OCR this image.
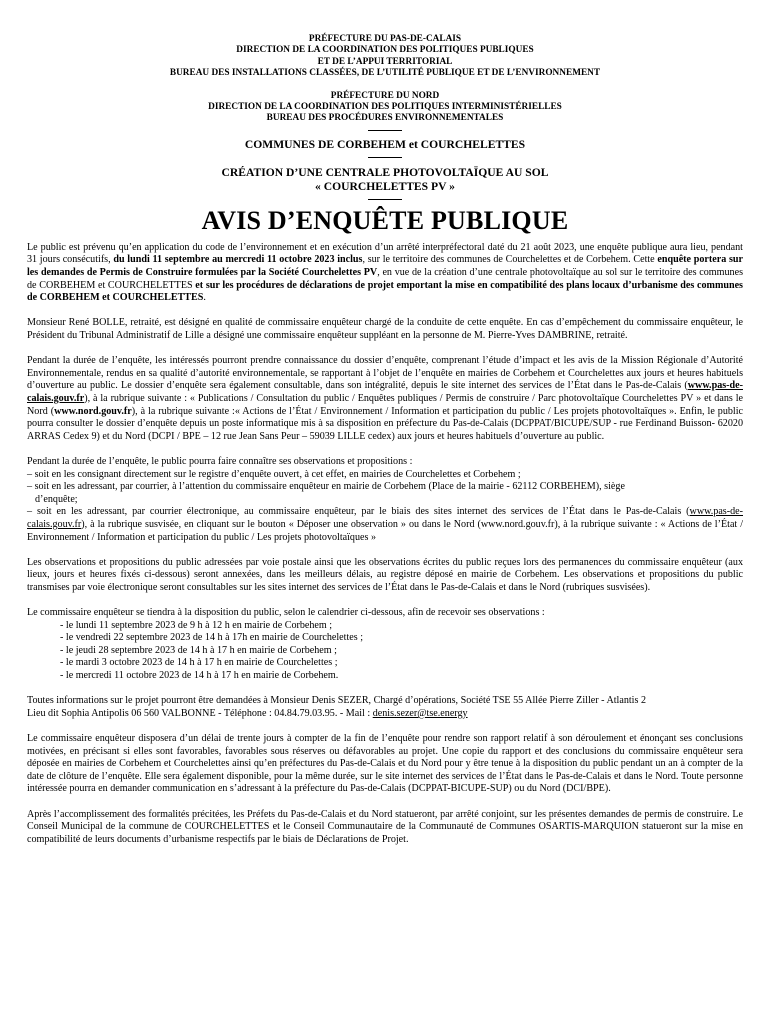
PRÉFECTURE DU PAS-DE-CALAIS

DIRECTION DE LA COORDINATION DES POLITIQUES PUBLIQUES

ET DE L’APPUI TERRITORIAL

BUREAU DES INSTALLATIONS CLASSÉES, DE L’UTILITÉ PUBLIQUE ET DE L’ENVIRONNEMENT

PRÉFECTURE DU NORD

DIRECTION DE LA COORDINATION DES POLITIQUES INTERMINISTÉRIELLES

BUREAU DES PROCÉDURES ENVIRONNEMENTALES

COMMUNES DE CORBEHEM et COURCHELETTES

CRÉATION D’UNE CENTRALE PHOTOVOLTAÏQUE AU SOL

« COURCHELETTES PV »

AVIS D’ENQUÊTE PUBLIQUE

Le public est prévenu qu’en application du code de l’environnement et en exécution d’un arrêté interpréfectoral daté du 21 août 2023, une enquête publique aura lieu, pendant 31 jours consécutifs, du lundi 11 septembre au mercredi 11 octobre 2023 inclus, sur le territoire des communes de Courchelettes et de Corbehem. Cette enquête portera sur les demandes de Permis de Construire formulées par la Société Courchelettes PV, en vue de la création d’une centrale photovoltaïque au sol sur le territoire des communes de CORBEHEM et COURCHELETTES et sur les procédures de déclarations de projet emportant la mise en compatibilité des plans locaux d’urbanisme des communes de CORBEHEM et COURCHELETTES.

Monsieur René BOLLE, retraité, est désigné en qualité de commissaire enquêteur chargé de la conduite de cette enquête. En cas d’empêchement du commissaire enquêteur, le Président du Tribunal Administratif de Lille a désigné une commissaire enquêteur suppléant en la personne de M. Pierre-Yves DAMBRINE, retraité.

Pendant la durée de l’enquête, les intéressés pourront prendre connaissance du dossier d’enquête, comprenant l’étude d’impact et les avis de la Mission Régionale d’Autorité Environnementale, rendus en sa qualité d’autorité environnementale, se rapportant à l’objet de l’enquête en mairies de Corbehem et Courchelettes aux jours et heures habituels d’ouverture au public. Le dossier d’enquête sera également consultable, dans son intégralité, depuis le site internet des services de l’État dans le Pas-de-Calais (www.pas-de-calais.gouv.fr), à la rubrique suivante : « Publications / Consultation du public / Enquêtes publiques / Permis de construire / Parc photovoltaïque Courchelettes PV » et dans le Nord (www.nord.gouv.fr), à la rubrique suivante :« Actions de l’État / Environnement / Information et participation du public / Les projets photovoltaïques ». Enfin, le public pourra consulter le dossier d’enquête depuis un poste informatique mis à sa disposition en préfecture du Pas-de-Calais (DCPPAT/BICUPE/SUP - rue Ferdinand Buisson- 62020 ARRAS Cedex 9) et du Nord (DCPI / BPE – 12 rue Jean Sans Peur – 59039 LILLE cedex) aux jours et heures habituels d’ouverture au public.

Pendant la durée de l’enquête, le public pourra faire connaître ses observations et propositions :

– soit en les consignant directement sur le registre d’enquête ouvert, à cet effet, en mairies de Courchelettes et Corbehem ;

– soit en les adressant, par courrier, à l’attention du commissaire enquêteur en mairie de Corbehem (Place de la mairie - 62112 CORBEHEM), siège

d’enquête;

– soit en les adressant, par courrier électronique, au commissaire enquêteur, par le biais des sites internet des services de l’État dans le Pas-de-Calais (www.pas-de-calais.gouv.fr), à la rubrique susvisée, en cliquant sur le bouton « Déposer une observation » ou dans le Nord (www.nord.gouv.fr), à la rubrique suivante : « Actions de l’État / Environnement / Information et participation du public / Les projets photovoltaïques »

Les observations et propositions du public adressées par voie postale ainsi que les observations écrites du public reçues lors des permanences du commissaire enquêteur (aux lieux, jours et heures fixés ci-dessous) seront annexées, dans les meilleurs délais, au registre déposé en mairie de Corbehem. Les observations et propositions du public transmises par voie électronique seront consultables sur les sites internet des services de l’État dans le Pas-de-Calais et dans le Nord (rubriques susvisées).

Le commissaire enquêteur se tiendra à la disposition du public, selon le calendrier ci-dessous, afin de recevoir ses observations :

- le lundi 11 septembre 2023 de 9 h à 12 h en mairie de Corbehem ;
- le vendredi 22 septembre 2023 de 14 h à 17h en mairie de Courchelettes ;
- le jeudi 28 septembre 2023 de 14 h à 17 h en mairie de Corbehem ;
- le mardi 3 octobre 2023 de 14 h à 17 h en mairie de Courchelettes ;
- le mercredi 11 octobre 2023 de 14 h à 17 h en mairie de Corbehem.

Toutes informations sur le projet pourront être demandées à Monsieur Denis SEZER, Chargé d’opérations, Société TSE 55 Allée Pierre Ziller - Atlantis 2

Lieu dit Sophia Antipolis 06 560 VALBONNE - Téléphone : 04.84.79.03.95. - Mail : denis.sezer@tse.energy

Le commissaire enquêteur disposera d’un délai de trente jours à compter de la fin de l’enquête pour rendre son rapport relatif à son déroulement et énonçant ses conclusions motivées, en précisant si elles sont favorables, favorables sous réserves ou défavorables au projet. Une copie du rapport et des conclusions du commissaire enquêteur sera déposée en mairies de Corbehem et Courchelettes ainsi qu’en préfectures du Pas-de-Calais et du Nord pour y être tenue à la disposition du public pendant un an à compter de la date de clôture de l’enquête. Elle sera également disponible, pour la même durée, sur le site internet des services de l’État dans le Pas-de-Calais et dans le Nord. Toute personne intéressée pourra en demander communication en s’adressant à la préfecture du Pas-de-Calais (DCPPAT-BICUPE-SUP) ou du Nord (DCI/BPE).

Après l’accomplissement des formalités précitées, les Préfets du Pas-de-Calais et du Nord statueront, par arrêté conjoint, sur les présentes demandes de permis de construire. Le Conseil Municipal de la commune de COURCHELETTES et le Conseil Communautaire de la Communauté de Communes OSARTIS-MARQUION statueront sur la mise en compatibilité de leurs documents d’urbanisme respectifs par le biais de Déclarations de Projet.
